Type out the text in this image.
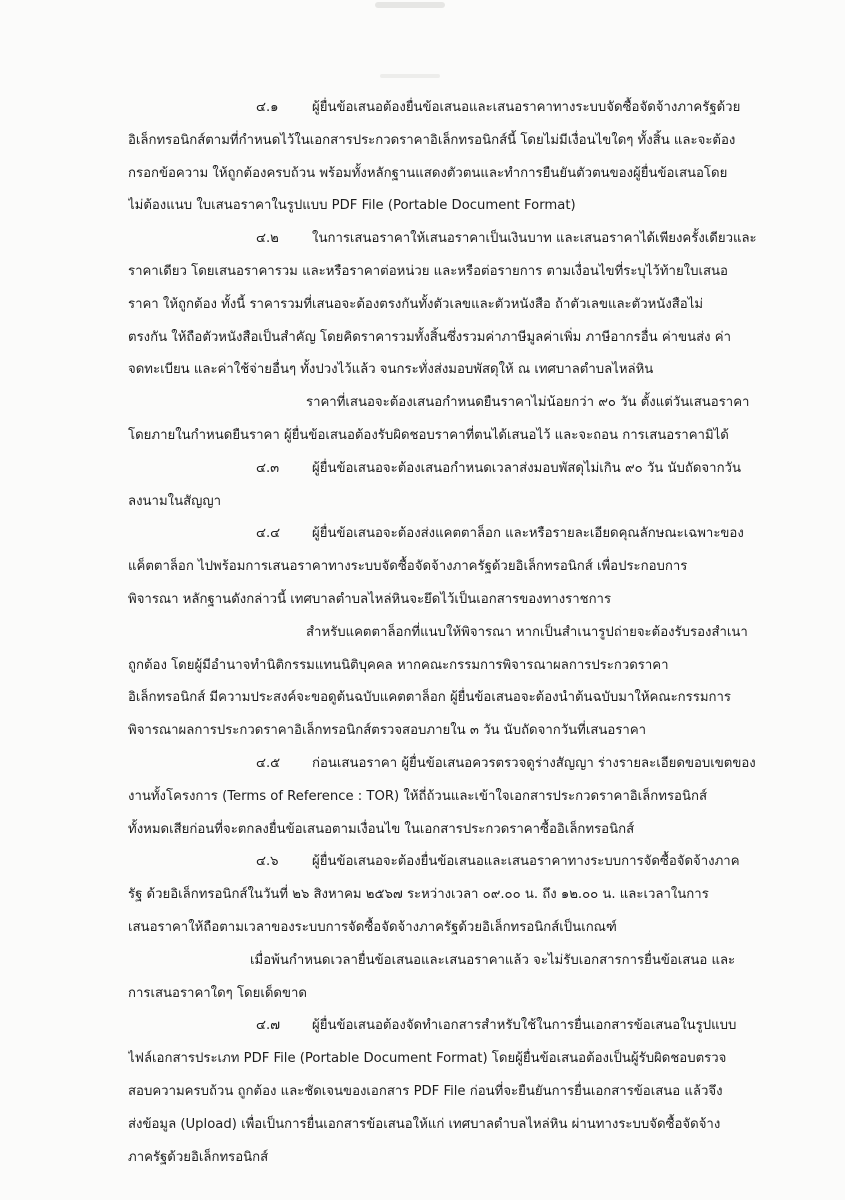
๔.๑	ผู้ยื่นข้อเสนอต้องยื่นข้อเสนอและเสนอราคาทางระบบจัดซื้อจัดจ้างภาครัฐด้วย
อิเล็กทรอนิกส์ตามที่กำหนดไว้ในเอกสารประกวดราคาอิเล็กทรอนิกส์นี้ โดยไม่มีเงื่อนไขใดๆ ทั้งสิ้น และจะต้อง
กรอกข้อความ ให้ถูกต้องครบถ้วน พร้อมทั้งหลักฐานแสดงตัวตนและทำการยืนยันตัวตนของผู้ยื่นข้อเสนอโดย
ไม่ต้องแนบ ใบเสนอราคาในรูปแบบ PDF File (Portable Document Format)
๔.๒	ในการเสนอราคาให้เสนอราคาเป็นเงินบาท และเสนอราคาได้เพียงครั้งเดียวและ
ราคาเดียว โดยเสนอราคารวม และหรือราคาต่อหน่วย และหรือต่อรายการ ตามเงื่อนไขที่ระบุไว้ท้ายใบเสนอ
ราคา ให้ถูกต้อง ทั้งนี้ ราคารวมที่เสนอจะต้องตรงกันทั้งตัวเลขและตัวหนังสือ ถ้าตัวเลขและตัวหนังสือไม่
ตรงกัน ให้ถือตัวหนังสือเป็นสำคัญ โดยคิดราคารวมทั้งสิ้นซึ่งรวมค่าภาษีมูลค่าเพิ่ม ภาษีอากรอื่น ค่าขนส่ง ค่า
จดทะเบียน และค่าใช้จ่ายอื่นๆ ทั้งปวงไว้แล้ว จนกระทั่งส่งมอบพัสดุให้ ณ เทศบาลตำบลไหล่หิน
ราคาที่เสนอจะต้องเสนอกำหนดยืนราคาไม่น้อยกว่า ๙๐ วัน ตั้งแต่วันเสนอราคา
โดยภายในกำหนดยืนราคา ผู้ยื่นข้อเสนอต้องรับผิดชอบราคาที่ตนได้เสนอไว้ และจะถอน การเสนอราคามิได้
๔.๓ ผู้ยื่นข้อเสนอจะต้องเสนอกำหนดเวลาส่งมอบพัสดุไม่เกิน ๙๐ วัน นับถัดจากวัน
ลงนามในสัญญา
๔.๔ ผู้ยื่นข้อเสนอจะต้องส่งแคตตาล็อก และหรือรายละเอียดคุณลักษณะเฉพาะของ
แค็ตตาล็อก ไปพร้อมการเสนอราคาทางระบบจัดซื้อจัดจ้างภาครัฐด้วยอิเล็กทรอนิกส์ เพื่อประกอบการ
พิจารณา หลักฐานดังกล่าวนี้ เทศบาลตำบลไหล่หินจะยึดไว้เป็นเอกสารของทางราชการ
สำหรับแคตตาล็อกที่แนบให้พิจารณา หากเป็นสำเนารูปถ่ายจะต้องรับรองสำเนา
ถูกต้อง โดยผู้มีอำนาจทำนิติกรรมแทนนิติบุคคล หากคณะกรรมการพิจารณาผลการประกวดราคา
อิเล็กทรอนิกส์ มีความประสงค์จะขอดูต้นฉบับแคตตาล็อก ผู้ยื่นข้อเสนอจะต้องนำต้นฉบับมาให้คณะกรรมการ
พิจารณาผลการประกวดราคาอิเล็กทรอนิกส์ตรวจสอบภายใน ๓ วัน นับถัดจากวันที่เสนอราคา
๔.๕ ก่อนเสนอราคา ผู้ยื่นข้อเสนอควรตรวจดูร่างสัญญา ร่างรายละเอียดขอบเขตของ
งานทั้งโครงการ (Terms of Reference : TOR) ให้ถี่ถ้วนและเข้าใจเอกสารประกวดราคาอิเล็กทรอนิกส์
ทั้งหมดเสียก่อนที่จะตกลงยื่นข้อเสนอตามเงื่อนไข ในเอกสารประกวดราคาซื้ออิเล็กทรอนิกส์
๔.๖	ผู้ยื่นข้อเสนอจะต้องยื่นข้อเสนอและเสนอราคาทางระบบการจัดซื้อจัดจ้างภาค
รัฐ ด้วยอิเล็กทรอนิกส์ในวันที่ ๒๖ สิงหาคม ๒๕๖๗ ระหว่างเวลา ๐๙.๐๐ น. ถึง ๑๒.๐๐ น. และเวลาในการ
เสนอราคาให้ถือตามเวลาของระบบการจัดซื้อจัดจ้างภาครัฐด้วยอิเล็กทรอนิกส์เป็นเกณฑ์
เมื่อพ้นกำหนดเวลายื่นข้อเสนอและเสนอราคาแล้ว จะไม่รับเอกสารการยื่นข้อเสนอ และ
การเสนอราคาใดๆ โดยเด็ดขาด
๔.๗ ผู้ยื่นข้อเสนอต้องจัดทำเอกสารสำหรับใช้ในการยื่นเอกสารข้อเสนอในรูปแบบ
ไฟล์เอกสารประเภท PDF File (Portable Document Format) โดยผู้ยื่นข้อเสนอต้องเป็นผู้รับผิดชอบตรวจ
สอบความครบถ้วน ถูกต้อง และชัดเจนของเอกสาร PDF File ก่อนที่จะยืนยันการยื่นเอกสารข้อเสนอ แล้วจึง
ส่งข้อมูล (Upload) เพื่อเป็นการยื่นเอกสารข้อเสนอให้แก่ เทศบาลตำบลไหล่หิน ผ่านทางระบบจัดซื้อจัดจ้าง
ภาครัฐด้วยอิเล็กทรอนิกส์
